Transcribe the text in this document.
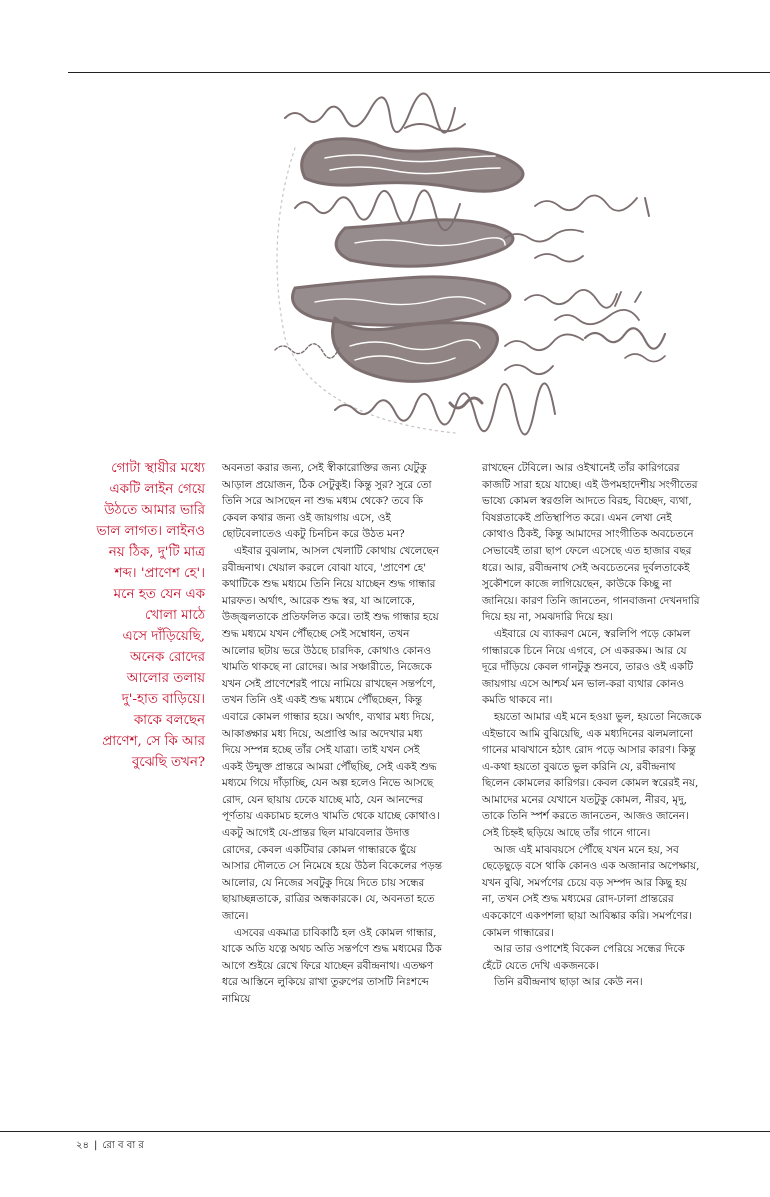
গোটা স্থায়ীর মধ্যে
একটি লাইন গেয়ে
উঠতে আমার ভারি
ভাল লাগত। লাইনও
নয় ঠিক, দু'টি মাত্র
শব্দ। 'প্রাণেশ হে'।
মনে হত যেন এক
খোলা মাঠে
এসে দাঁড়িয়েছি,
অনেক রোদের
আলোর তলায়
দু'-হাত বাড়িয়ে।
কাকে বলছেন
প্রাণেশ, সে কি আর
বুঝেছি তখন?

অবনতা করার জন্য, সেই স্বীকারোক্তির জন্য যেটুকু আড়াল প্রয়োজন, ঠিক সেটুকুই। কিন্তু সুর? সুরে তো তিনি সরে আসছেন না শুদ্ধ মধ্যম থেকে? তবে কি কেবল কথার জন্য ওই জায়গায় এসে, ওই ছোটবেলাতেও একটু চিনচিন করে উঠত মন?

এইবার বুঝলাম, আসল খেলাটি কোথায় খেলেছেন রবীন্দ্রনাথ। খেয়াল করলে বোঝা যাবে, 'প্রাণেশ হে' কথাটিকে শুদ্ধ মধ্যমে তিনি নিয়ে যাচ্ছেন শুদ্ধ গান্ধার মারফত। অর্থাৎ, আরেক শুদ্ধ স্বর, যা আলোকে, উজ্জ্বলতাকে প্রতিফলিত করে। তাই শুদ্ধ গান্ধার হয়ে শুদ্ধ মধ্যমে যখন পৌঁছচ্ছে সেই সম্বোধন, তখন আলোর ছটায় ভরে উঠছে চারদিক, কোথাও কোনও খামতি থাকছে না রোদের। আর সঞ্চারীতে, নিজেকে যখন সেই প্রাণেশেরই পায়ে নামিয়ে রাখছেন সন্তর্পণে, তখন তিনি ওই একই শুদ্ধ মধ্যমে পৌঁছচ্ছেন, কিন্তু এবারে কোমল গান্ধার হয়ে। অর্থাৎ, ব্যথার মধ্য দিয়ে, আকাঙ্ক্ষার মধ্য দিয়ে, অপ্রাপ্তি আর অদেখার মধ্য দিয়ে সম্পন্ন হচ্ছে তাঁর সেই যাত্রা। তাই যখন সেই একই উন্মুক্ত প্রান্তরে আমরা পৌঁছচ্ছি, সেই একই শুদ্ধ মধ্যমে গিয়ে দাঁড়াচ্ছি, যেন অল্প হলেও নিভে আসছে রোদ, যেন ছায়ায় ঢেকে যাচ্ছে মাঠ, যেন আনন্দের পূর্ণতায় একচামচ হলেও খামতি থেকে যাচ্ছে কোথাও। একটু আগেই যে-প্রান্তর ছিল মাঝবেলার উদাত্ত রোদের, কেবল একটিবার কোমল গান্ধারকে ছুঁয়ে আসার দৌলতে সে নিমেষে হয়ে উঠল বিকেলের পড়ন্ত আলোর, যে নিজের সবটুকু দিয়ে দিতে চায় সন্ধের ছায়াচ্ছন্নতাকে, রাত্রির অন্ধকারকে। যে, অবনতা হতে জানে।

এসবের একমাত্র চাবিকাঠি হল ওই কোমল গান্ধার, যাকে অতি যত্নে অথচ অতি সন্তর্পণে শুদ্ধ মধ্যমের ঠিক আগে শুইয়ে রেখে ফিরে যাচ্ছেন রবীন্দ্রনাথ। এতক্ষণ ধরে আস্তিনে লুকিয়ে রাখা তুরুপের তাসটি নিঃশব্দে নামিয়ে

রাখছেন টেবিলে। আর ওইখানেই তাঁর কারিগরের কাজটি সারা হয়ে যাচ্ছে। এই উপমহাদেশীয় সংগীতের ভাষ্যে কোমল স্বরগুলি আদতে বিরহ, বিচ্ছেদ, ব্যথা, বিষণ্ণতাকেই প্রতিস্থাপিত করে। এমন লেখা নেই কোথাও ঠিকই, কিন্তু আমাদের সাংগীতিক অবচেতনে সেভাবেই তারা ছাপ ফেলে এসেছে এত হাজার বছর ধরে। আর, রবীন্দ্রনাথ সেই অবচেতনের দুর্বলতাকেই সুকৌশলে কাজে লাগিয়েছেন, কাউকে কিচ্ছু না জানিয়ে। কারণ তিনি জানতেন, গানবাজনা দেখনদারি দিয়ে হয় না, সমঝদারি দিয়ে হয়।

এইবারে যে ব্যাকরণ মেনে, স্বরলিপি পড়ে কোমল গান্ধারকে চিনে নিয়ে এগবে, সে একরকম। আর যে দূরে দাঁড়িয়ে কেবল গানটুকু শুনবে, তারও ওই একটি জায়গায় এসে আশ্চর্য মন ভাল-করা ব্যথার কোনও কমতি থাকবে না।

হয়তো আমার এই মনে হওয়া ভুল, হয়তো নিজেকে এইভাবে আমি বুঝিয়েছি, এক মধ্যদিনের ঝলমলানো গানের মাঝখানে হঠাৎ রোদ পড়ে আসার কারণ। কিন্তু এ-কথা হয়তো বুঝতে ভুল করিনি যে, রবীন্দ্রনাথ ছিলেন কোমলের কারিগর। কেবল কোমল স্বরেরই নয়, আমাদের মনের যেখানে যতটুকু কোমল, নীরব, মৃদু, তাকে তিনি স্পর্শ করতে জানতেন, আজও জানেন। সেই চিহ্নই ছড়িয়ে আছে তাঁর গানে গানে।

আজ এই মাঝবয়সে পৌঁছে যখন মনে হয়, সব ছেড়েছুড়ে বসে থাকি কোনও এক অজানার অপেক্ষায়, যখন বুঝি, সমর্পণের চেয়ে বড় সম্পদ আর কিছু হয় না, তখন সেই শুদ্ধ মধ্যমের রোদ-ঢালা প্রান্তরের এককোণে একপশলা ছায়া আবিষ্কার করি। সমর্পণের। কোমল গান্ধারের।

আর তার ওপাশেই বিকেল পেরিয়ে সন্ধের দিকে হেঁটে যেতে দেখি একজনকে।

তিনি রবীন্দ্রনাথ ছাড়া আর কেউ নন।

২৪ | রো ব বা র
